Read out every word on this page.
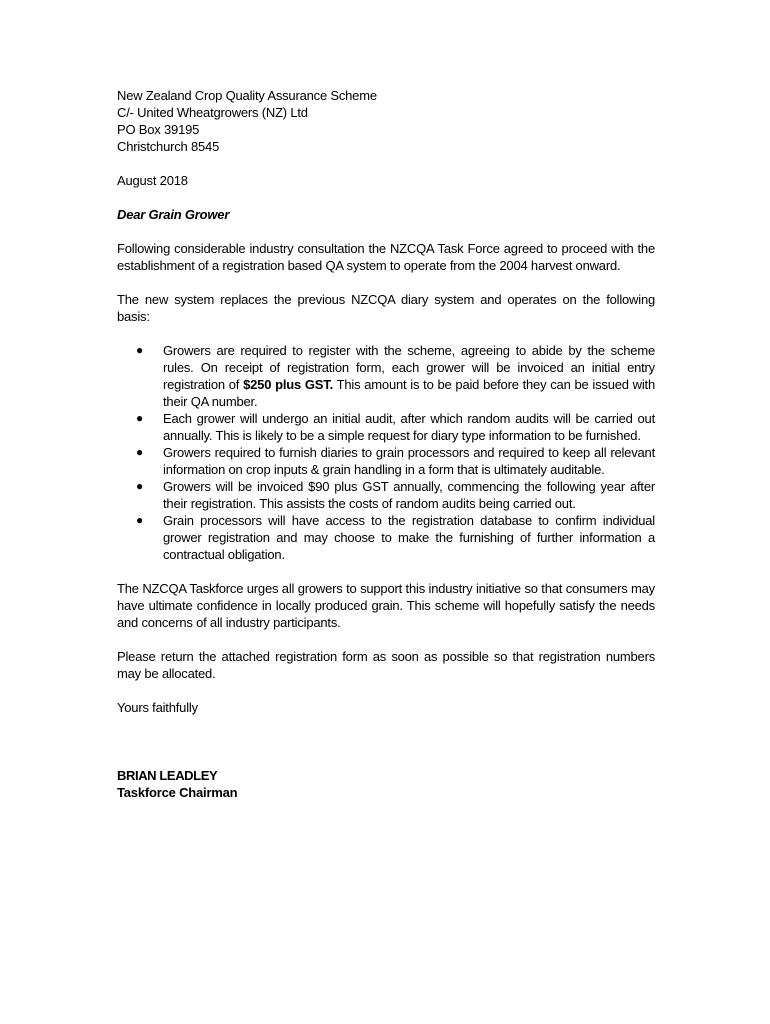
New Zealand Crop Quality Assurance Scheme
C/- United Wheatgrowers (NZ) Ltd
PO Box 39195
Christchurch 8545
August 2018
Dear Grain Grower
Following considerable industry consultation the NZCQA Task Force agreed to proceed with the establishment of a registration based QA system to operate from the 2004 harvest onward.
The new system replaces the previous NZCQA diary system and operates on the following basis:
● Growers are required to register with the scheme, agreeing to abide by the scheme rules. On receipt of registration form, each grower will be invoiced an initial entry registration of $250 plus GST. This amount is to be paid before they can be issued with their QA number.
● Each grower will undergo an initial audit, after which random audits will be carried out annually. This is likely to be a simple request for diary type information to be furnished.
● Growers required to furnish diaries to grain processors and required to keep all relevant information on crop inputs & grain handling in a form that is ultimately auditable.
● Growers will be invoiced $90 plus GST annually, commencing the following year after their registration. This assists the costs of random audits being carried out.
● Grain processors will have access to the registration database to confirm individual grower registration and may choose to make the furnishing of further information a contractual obligation.
The NZCQA Taskforce urges all growers to support this industry initiative so that consumers may have ultimate confidence in locally produced grain. This scheme will hopefully satisfy the needs and concerns of all industry participants.
Please return the attached registration form as soon as possible so that registration numbers may be allocated.
Yours faithfully
BRIAN LEADLEY
Taskforce Chairman
